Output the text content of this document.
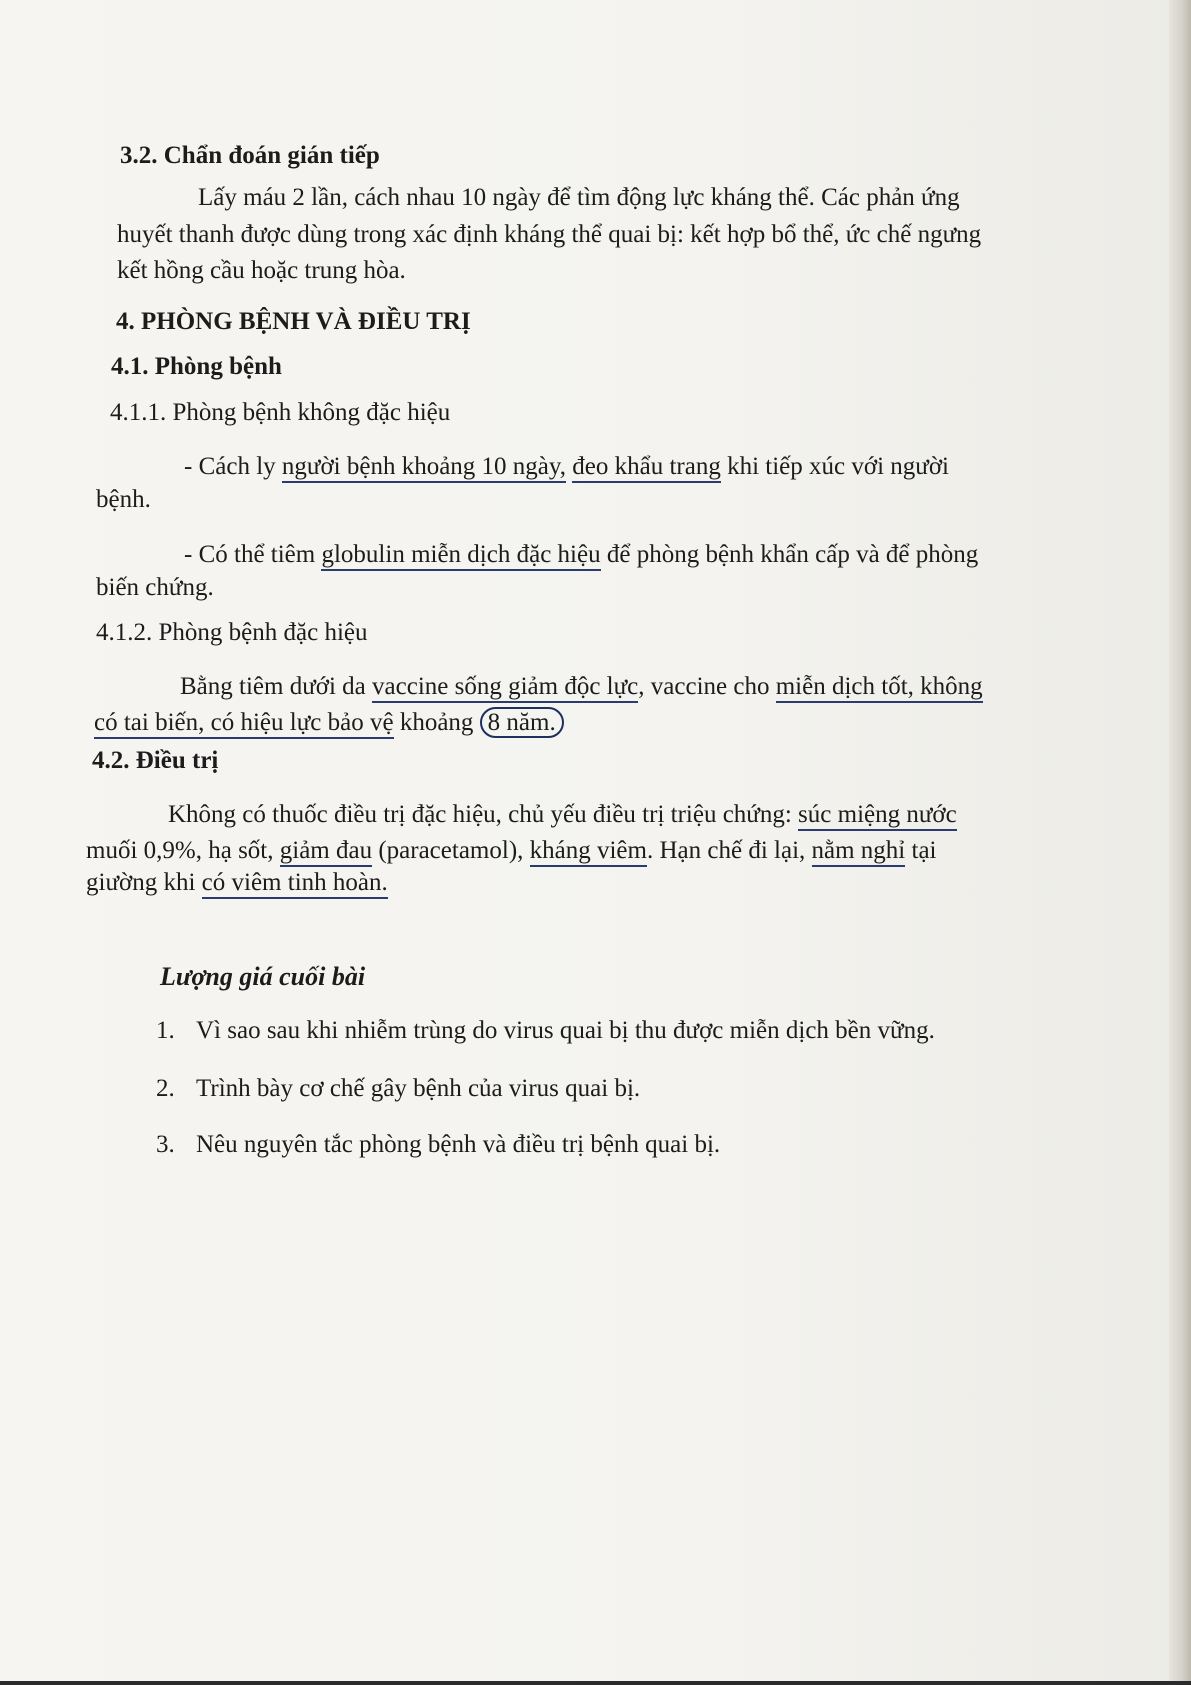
3.2. Chẩn đoán gián tiếp
Lấy máu 2 lần, cách nhau 10 ngày để tìm động lực kháng thể. Các phản ứng
huyết thanh được dùng trong xác định kháng thể quai bị: kết hợp bổ thể, ức chế ngưng
kết hồng cầu hoặc trung hòa.
4. PHÒNG BỆNH VÀ ĐIỀU TRỊ
4.1. Phòng bệnh
4.1.1. Phòng bệnh không đặc hiệu
- Cách ly người bệnh khoảng 10 ngày, đeo khẩu trang khi tiếp xúc với người
bệnh.
- Có thể tiêm globulin miễn dịch đặc hiệu để phòng bệnh khẩn cấp và để phòng
biến chứng.
4.1.2. Phòng bệnh đặc hiệu
Bằng tiêm dưới da vaccine sống giảm độc lực, vaccine cho miễn dịch tốt, không
có tai biến, có hiệu lực bảo vệ khoảng 8 năm.
4.2. Điều trị
Không có thuốc điều trị đặc hiệu, chủ yếu điều trị triệu chứng: súc miệng nước
muối 0,9%, hạ sốt, giảm đau (paracetamol), kháng viêm. Hạn chế đi lại, nằm nghỉ tại
giường khi có viêm tinh hoàn.
Lượng giá cuối bài
1. Vì sao sau khi nhiễm trùng do virus quai bị thu được miễn dịch bền vững.
2. Trình bày cơ chế gây bệnh của virus quai bị.
3. Nêu nguyên tắc phòng bệnh và điều trị bệnh quai bị.
